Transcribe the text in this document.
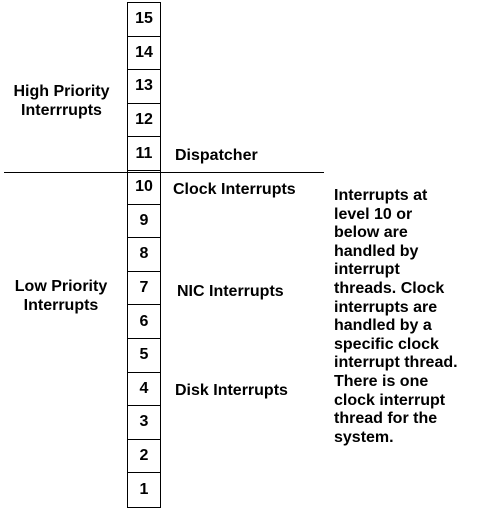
15
14
13
12
11
10
9
8
7
6
5
4
3
2
1
High Priority
Interrrupts
Low Priority
Interrupts
Dispatcher
Clock Interrupts
NIC Interrupts
Disk Interrupts
Interrupts at
level 10 or
below are
handled by
interrupt
threads. Clock
interrupts are
handled by a
specific clock
interrupt thread.
There is one
clock interrupt
thread for the
system.
